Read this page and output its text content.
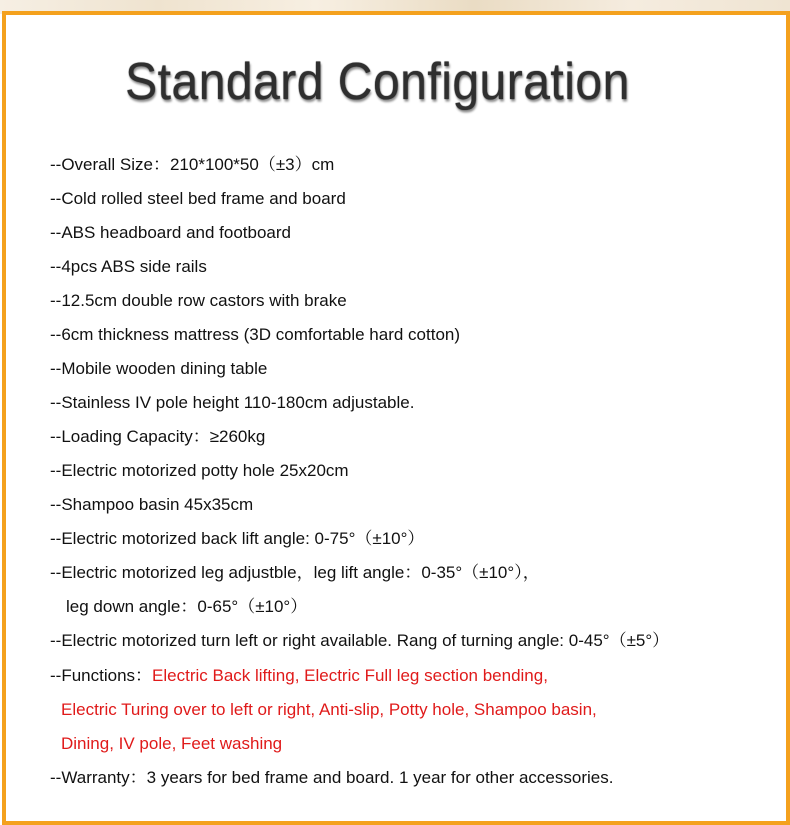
Standard Configuration
--Overall Size：210*100*50（±3）cm
--Cold rolled steel bed frame and board
--ABS headboard and footboard
--4pcs ABS side rails
--12.5cm double row castors with brake
--6cm thickness mattress (3D comfortable hard cotton)
--Mobile wooden dining table
--Stainless IV pole height 110-180cm adjustable.
--Loading Capacity：≥260kg
--Electric motorized potty hole 25x20cm
--Shampoo basin 45x35cm
--Electric motorized back lift angle: 0-75°（±10°）
--Electric motorized leg adjustble，leg lift angle：0-35°（±10°），
leg down angle：0-65°（±10°）
--Electric motorized turn left or right available. Rang of turning angle: 0-45°（±5°）
--Functions：Electric Back lifting, Electric Full leg section bending,
Electric Turing over to left or right, Anti-slip, Potty hole, Shampoo basin,
Dining, IV pole, Feet washing
--Warranty：3 years for bed frame and board. 1 year for other accessories.
